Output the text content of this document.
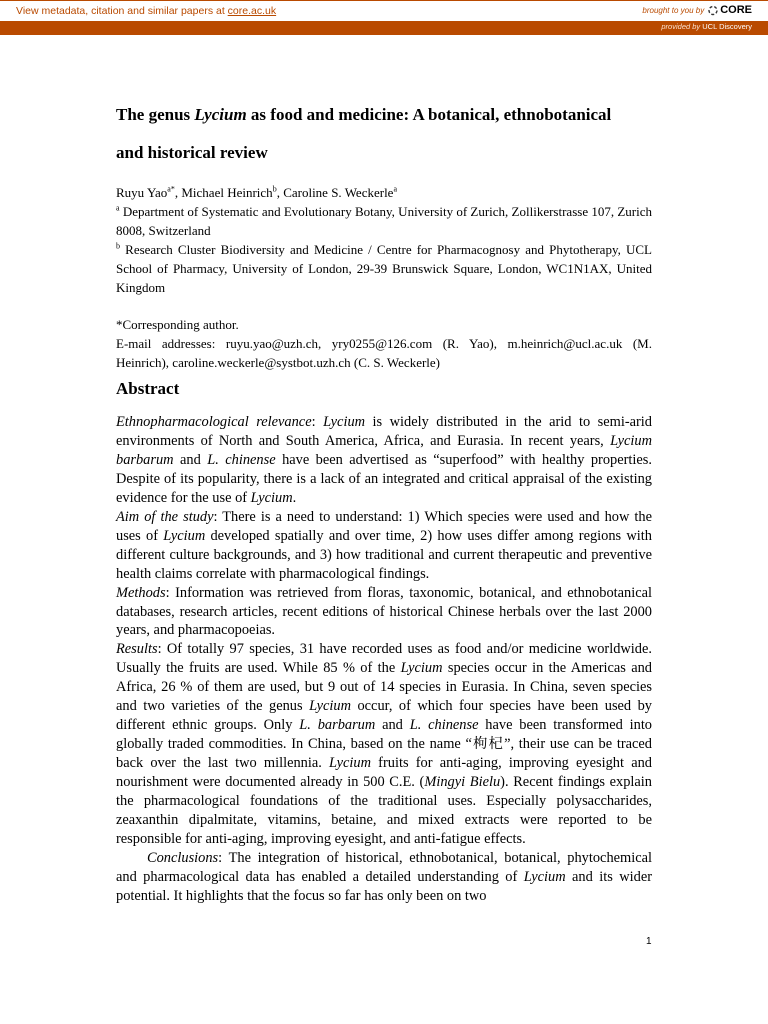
View metadata, citation and similar papers at core.ac.uk	brought to you by CORE
provided by UCL Discovery
The genus Lycium as food and medicine: A botanical, ethnobotanical
and historical review
Ruyu Yao$^{a*}$, Michael Heinrich$^b$, Caroline S. Weckerle$^a$
$^a$ Department of Systematic and Evolutionary Botany, University of Zurich, Zollikerstrasse 107, Zurich 8008, Switzerland
$^b$ Research Cluster Biodiversity and Medicine / Centre for Pharmacognosy and Phytotherapy, UCL School of Pharmacy, University of London, 29-39 Brunswick Square, London, WC1N1AX, United Kingdom
*Corresponding author.
E-mail addresses: ruyu.yao@uzh.ch, yry0255@126.com (R. Yao), m.heinrich@ucl.ac.uk (M. Heinrich), caroline.weckerle@systbot.uzh.ch (C. S. Weckerle)
Abstract

Ethnopharmacological relevance: Lycium is widely distributed in the arid to semi-arid environments of North and South America, Africa, and Eurasia. In recent years, Lycium barbarum and L. chinense have been advertised as “superfood” with healthy properties. Despite of its popularity, there is a lack of an integrated and critical appraisal of the existing evidence for the use of Lycium.

Aim of the study: There is a need to understand: 1) Which species were used and how the uses of Lycium developed spatially and over time, 2) how uses differ among regions with different culture backgrounds, and 3) how traditional and current therapeutic and preventive health claims correlate with pharmacological findings.

Methods: Information was retrieved from floras, taxonomic, botanical, and ethnobotanical databases, research articles, recent editions of historical Chinese herbals over the last 2000 years, and pharmacopoeias.

Results: Of totally 97 species, 31 have recorded uses as food and/or medicine worldwide. Usually the fruits are used. While 85 % of the Lycium species occur in the Americas and Africa, 26 % of them are used, but 9 out of 14 species in Eurasia. In China, seven species and two varieties of the genus Lycium occur, of which four species have been used by different ethnic groups. Only L. barbarum and L. chinense have been transformed into globally traded commodities. In China, based on the name “枸杞”, their use can be traced back over the last two millennia. Lycium fruits for anti-aging, improving eyesight and nourishment were documented already in 500 C.E. (Mingyi Bielu). Recent findings explain the pharmacological foundations of the traditional uses. Especially polysaccharides, zeaxanthin dipalmitate, vitamins, betaine, and mixed extracts were reported to be responsible for anti-aging, improving eyesight, and anti-fatigue effects.

Conclusions: The integration of historical, ethnobotanical, botanical, phytochemical and pharmacological data has enabled a detailed understanding of Lycium and its wider potential. It highlights that the focus so far has only been on two

1
